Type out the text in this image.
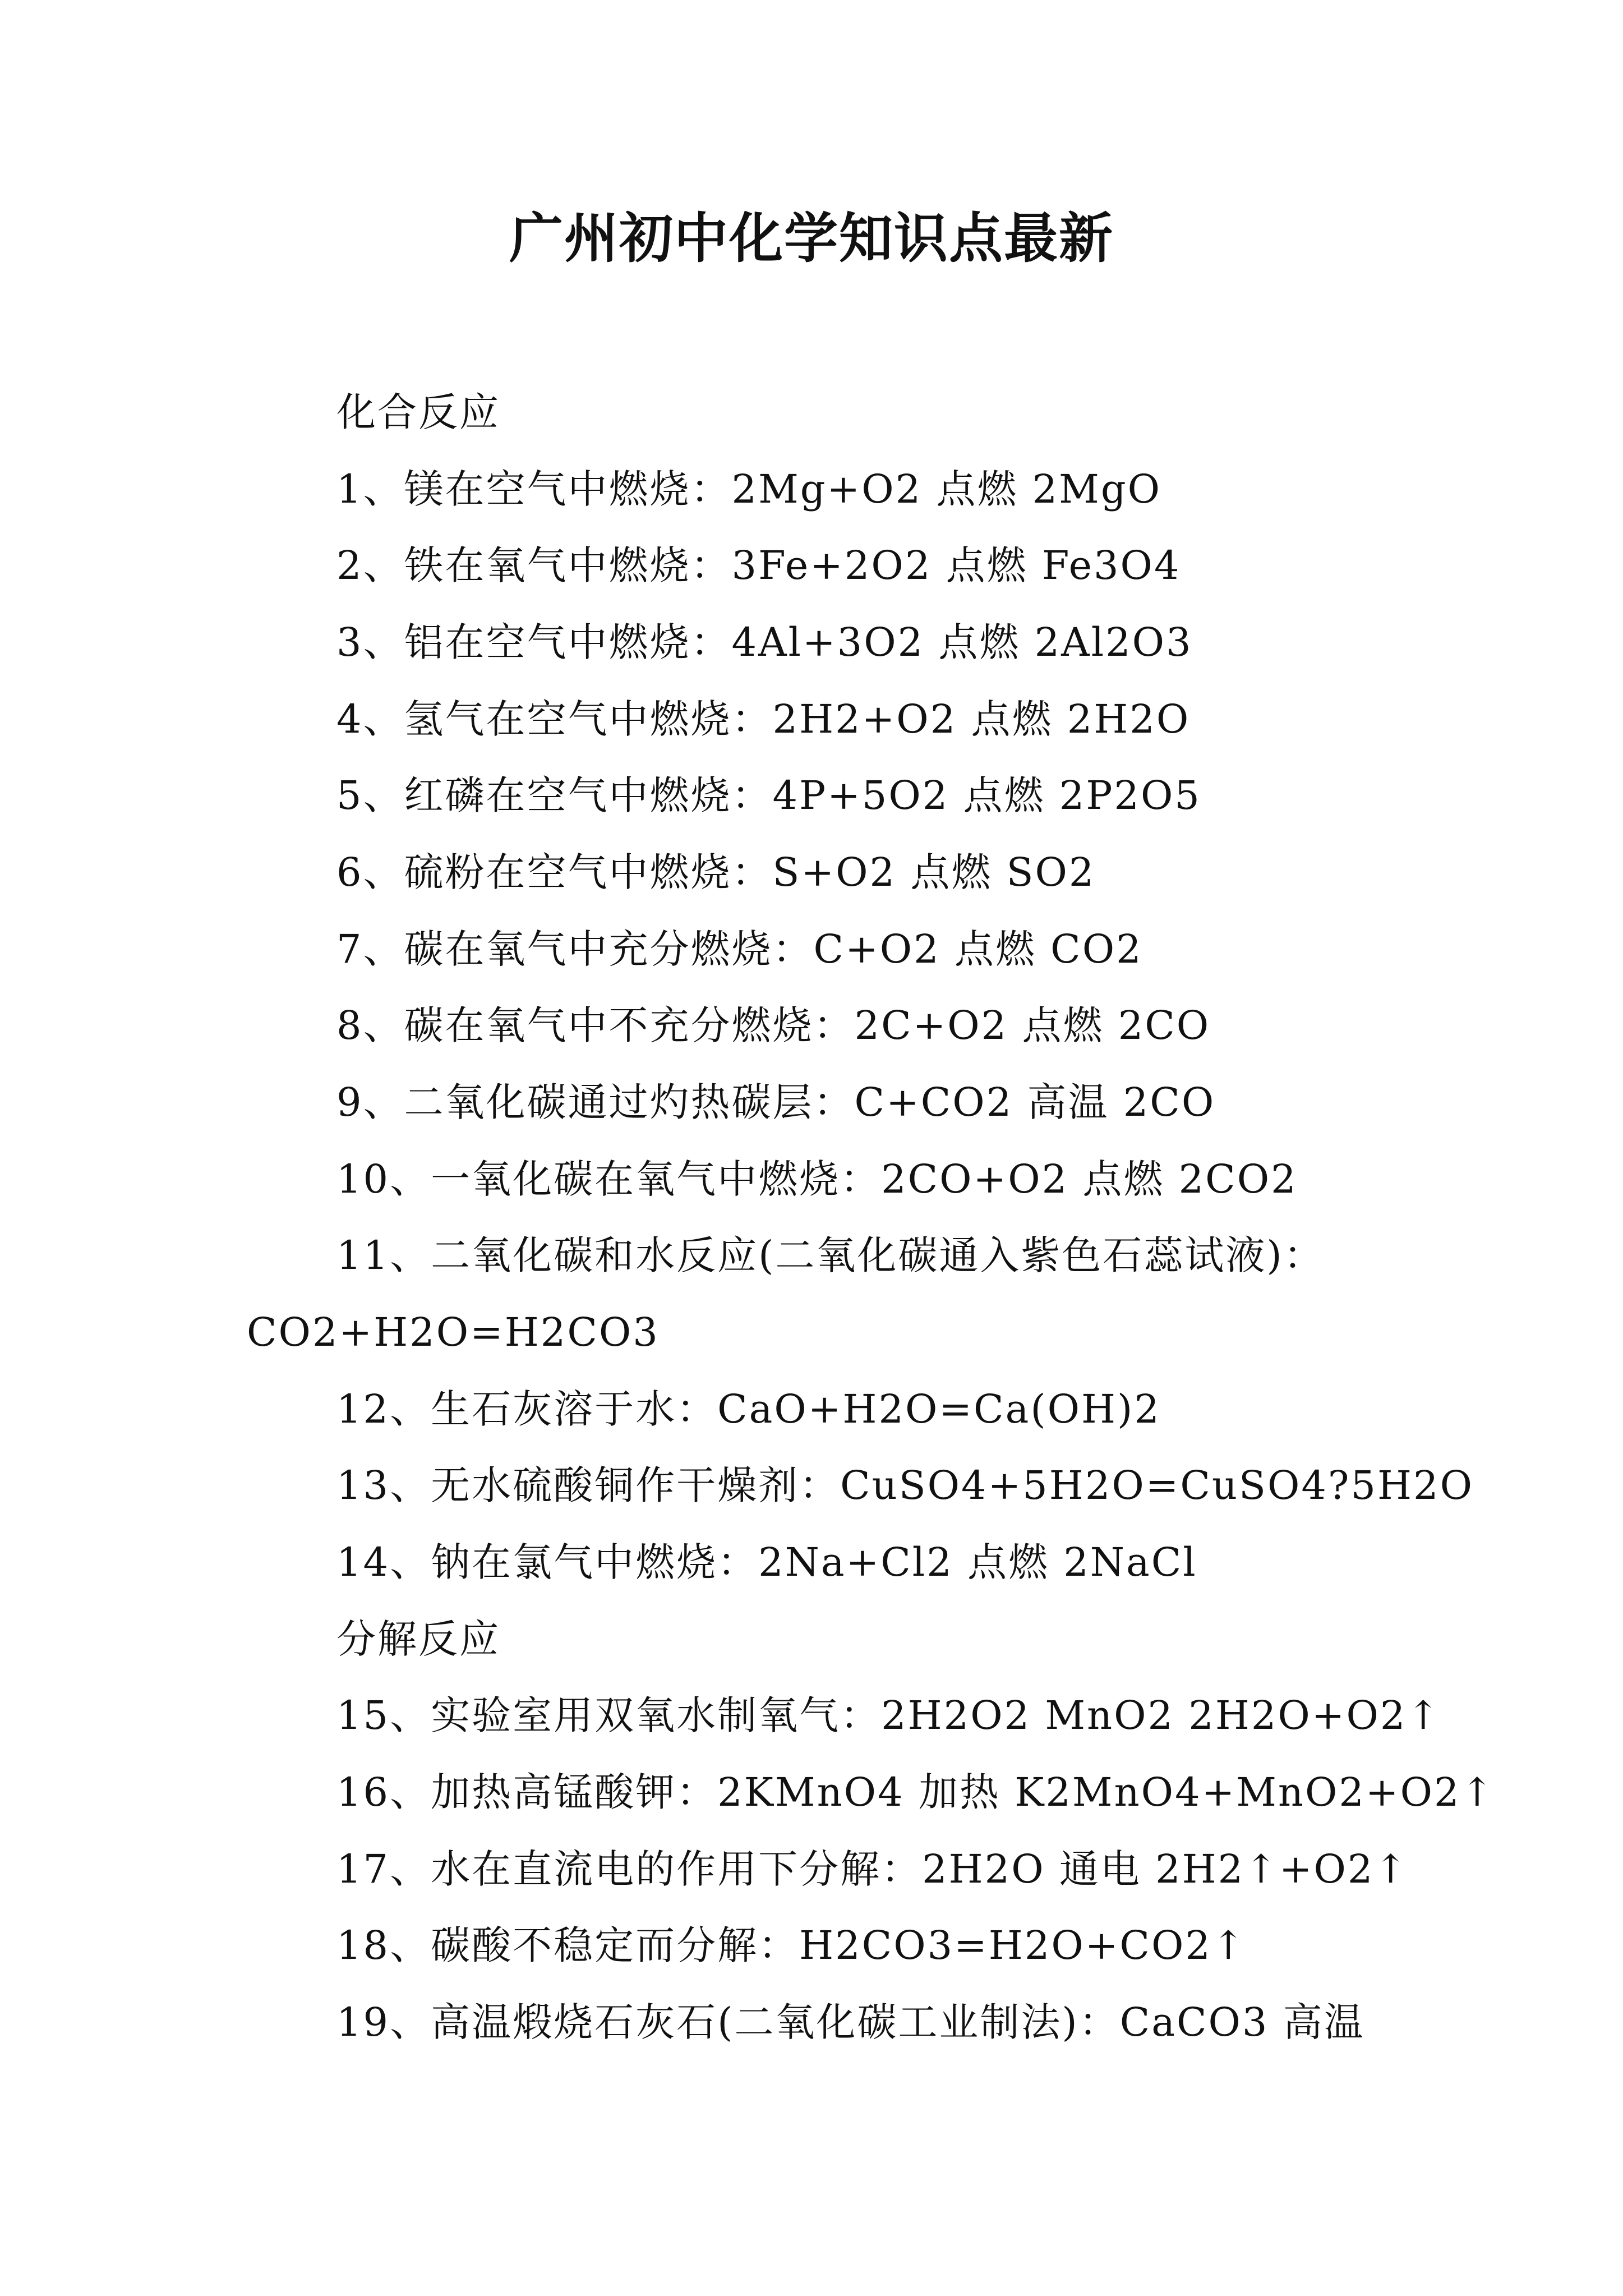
广州初中化学知识点最新
化合反应
1、镁在空气中燃烧：2Mg+O2 点燃 2MgO
2、铁在氧气中燃烧：3Fe+2O2 点燃 Fe3O4
3、铝在空气中燃烧：4Al+3O2 点燃 2Al2O3
4、氢气在空气中燃烧：2H2+O2 点燃 2H2O
5、红磷在空气中燃烧：4P+5O2 点燃 2P2O5
6、硫粉在空气中燃烧：S+O2 点燃 SO2
7、碳在氧气中充分燃烧：C+O2 点燃 CO2
8、碳在氧气中不充分燃烧：2C+O2 点燃 2CO
9、二氧化碳通过灼热碳层：C+CO2 高温 2CO
10、一氧化碳在氧气中燃烧：2CO+O2 点燃 2CO2
11、二氧化碳和水反应(二氧化碳通入紫色石蕊试液)：
CO2+H2O=H2CO3
12、生石灰溶于水：CaO+H2O=Ca(OH)2
13、无水硫酸铜作干燥剂：CuSO4+5H2O=CuSO4?5H2O
14、钠在氯气中燃烧：2Na+Cl2 点燃 2NaCl
分解反应
15、实验室用双氧水制氧气：2H2O2 MnO2 2H2O+O2↑
16、加热高锰酸钾：2KMnO4 加热 K2MnO4+MnO2+O2↑
17、水在直流电的作用下分解：2H2O 通电 2H2↑+O2↑
18、碳酸不稳定而分解：H2CO3=H2O+CO2↑
19、高温煅烧石灰石(二氧化碳工业制法)：CaCO3 高温
